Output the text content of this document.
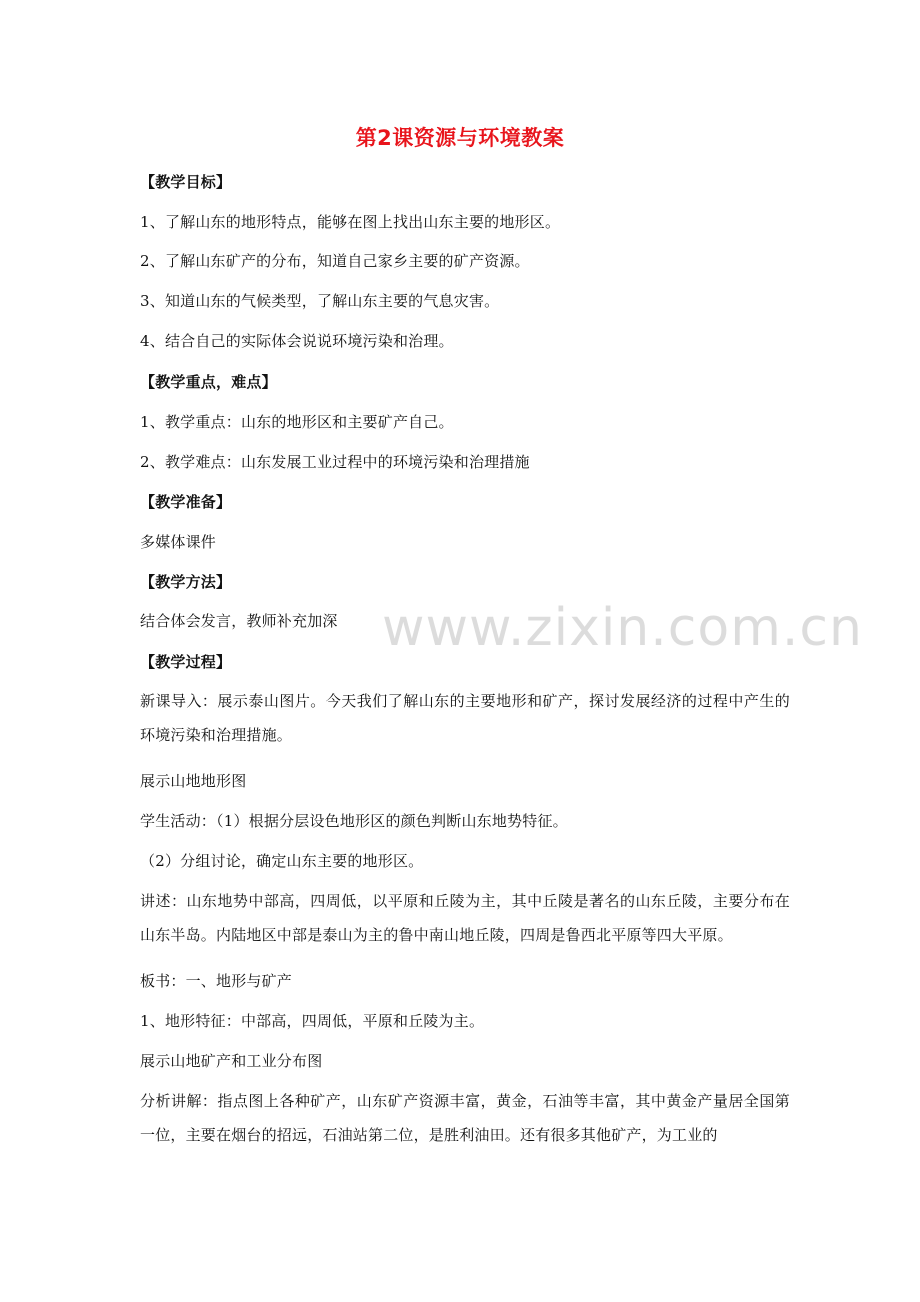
第2课资源与环境教案
【教学目标】
1、了解山东的地形特点，能够在图上找出山东主要的地形区。
2、了解山东矿产的分布，知道自己家乡主要的矿产资源。
3、知道山东的气候类型，了解山东主要的气息灾害。
4、结合自己的实际体会说说环境污染和治理。
【教学重点，难点】
1、教学重点：山东的地形区和主要矿产自己。
2、教学难点：山东发展工业过程中的环境污染和治理措施
【教学准备】
多媒体课件
【教学方法】
结合体会发言，教师补充加深
【教学过程】
新课导入：展示泰山图片。今天我们了解山东的主要地形和矿产，探讨发展经济的过程中产生的环境污染和治理措施。
展示山地地形图
学生活动：（1）根据分层设色地形区的颜色判断山东地势特征。
（2）分组讨论，确定山东主要的地形区。
讲述：山东地势中部高，四周低，以平原和丘陵为主，其中丘陵是著名的山东丘陵，主要分布在山东半岛。内陆地区中部是泰山为主的鲁中南山地丘陵，四周是鲁西北平原等四大平原。
板书：一、地形与矿产
1、地形特征：中部高，四周低，平原和丘陵为主。
展示山地矿产和工业分布图
分析讲解：指点图上各种矿产，山东矿产资源丰富，黄金，石油等丰富，其中黄金产量居全国第一位，主要在烟台的招远，石油站第二位，是胜利油田。还有很多其他矿产，为工业的
www.zixin.com.cn
